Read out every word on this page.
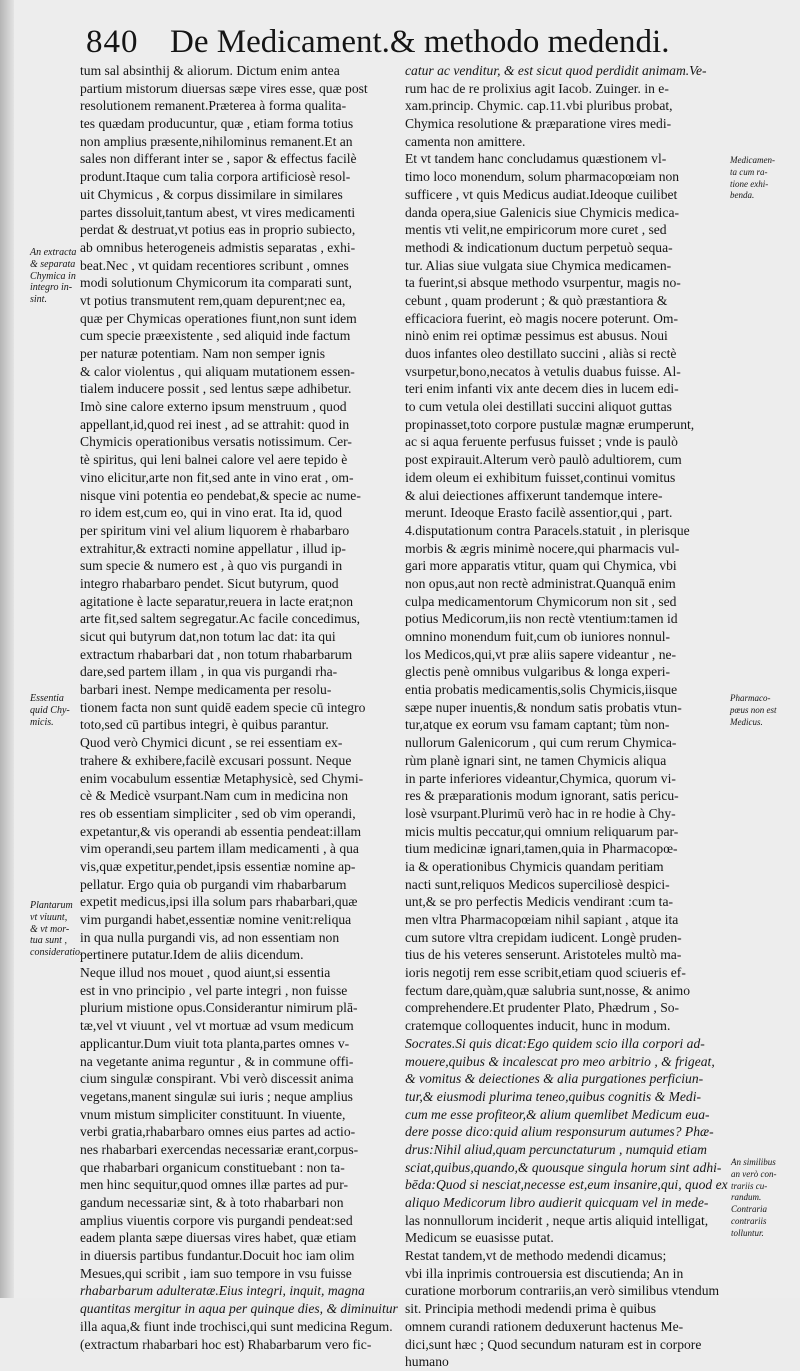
840 De Medicament.& methodo medendi.
tum sal absinthij & aliorum. Dictum enim antea
partium mistorum diuersas sæpe vires esse, quæ post
resolutionem remanent.Præterea à forma qualita-
tes quædam producuntur, quæ , etiam forma totius
non amplius præsente,nihilominus remanent.Et an
sales non differant inter se , sapor & effectus facilè
produnt.Itaque cum talia corpora artificiosè resol-
uit Chymicus , & corpus dissimilare in similares
partes dissoluit,tantum abest, vt vires medicamenti
perdat & destruat,vt potius eas in proprio subiecto,
ab omnibus heterogeneis admistis separatas , exhi-
beat.Nec , vt quidam recentiores scribunt , omnes
modi solutionum Chymicorum ita comparati sunt,
vt potius transmutent rem,quam depurent;nec ea,
quæ per Chymicas operationes fiunt,non sunt idem
cum specie præexistente , sed aliquid inde factum
per naturæ potentiam. Nam non semper ignis
& calor violentus , qui aliquam mutationem essen-
tialem inducere possit , sed lentus sæpe adhibetur.
Imò sine calore externo ipsum menstruum , quod
appellant,id,quod rei inest , ad se attrahit: quod in
Chymicis operationibus versatis notissimum. Cer-
tè spiritus, qui leni balnei calore vel aere tepido è
vino elicitur,arte non fit,sed ante in vino erat , om-
nisque vini potentia eo pendebat,& specie ac nume-
ro idem est,cum eo, qui in vino erat. Ita id, quod
per spiritum vini vel alium liquorem è rhabarbaro
extrahitur,& extracti nomine appellatur , illud ip-
sum specie & numero est , à quo vis purgandi in
integro rhabarbaro pendet. Sicut butyrum, quod
agitatione è lacte separatur,reuera in lacte erat;non
arte fit,sed saltem segregatur.Ac facile concedimus,
sicut qui butyrum dat,non totum lac dat: ita qui
extractum rhabarbari dat , non totum rhabarbarum
dare,sed partem illam , in qua vis purgandi rha-
barbari inest. Nempe medicamenta per resolu-
tionem facta non sunt quidē eadem specie cū integro
toto,sed cū partibus integri, è quibus parantur.
Quod verò Chymici dicunt , se rei essentiam ex-
trahere & exhibere,facilè excusari possunt. Neque
enim vocabulum essentiæ Metaphysicè, sed Chymi-
cè & Medicè vsurpant.Nam cum in medicina non
res ob essentiam simpliciter , sed ob vim operandi,
expetantur,& vis operandi ab essentia pendeat:illam
vim operandi,seu partem illam medicamenti , à qua
vis,quæ expetitur,pendet,ipsis essentiæ nomine ap-
pellatur. Ergo quia ob purgandi vim rhabarbarum
expetit medicus,ipsi illa solum pars rhabarbari,quæ
vim purgandi habet,essentiæ nomine venit:reliqua
in qua nulla purgandi vis, ad non essentiam non
pertinere putatur.Idem de aliis dicendum.
Neque illud nos mouet , quod aiunt,si essentia
est in vno principio , vel parte integri , non fuisse
plurium mistione opus.Considerantur nimirum plā-
tæ,vel vt viuunt , vel vt mortuæ ad vsum medicum
applicantur.Dum viuit tota planta,partes omnes v-
na vegetante anima reguntur , & in commune offi-
cium singulæ conspirant. Vbi verò discessit anima
vegetans,manent singulæ sui iuris ; neque amplius
vnum mistum simpliciter constituunt. In viuente,
verbi gratia,rhabarbaro omnes eius partes ad actio-
nes rhabarbari exercendas necessariæ erant,corpus-
que rhabarbari organicum constituebant : non ta-
men hinc sequitur,quod omnes illæ partes ad pur-
gandum necessariæ sint, & à toto rhabarbari non
amplius viuentis corpore vis purgandi pendeat:sed
eadem planta sæpe diuersas vires habet, quæ etiam
in diuersis partibus fundantur.Docuit hoc iam olim
Mesues,qui scribit , iam suo tempore in vsu fuisse
rhabarbarum adulteratæ.Eius integri, inquit, magna
quantitas mergitur in aqua per quinque dies, & diminuitur
illa aqua,& fiunt inde trochisci,qui sunt medicina Regum.
(extractum rhabarbari hoc est) Rhabarbarum vero fic-
catur ac venditur, & est sicut quod perdidit animam.Ve-
rum hac de re prolixius agit Iacob. Zuinger. in e-
xam.princip. Chymic. cap.11.vbi pluribus probat,
Chymica resolutione & præparatione vires medi-
camenta non amittere.
Et vt tandem hanc concludamus quæstionem vl-
timo loco monendum, solum pharmacopœiam non
sufficere , vt quis Medicus audiat.Ideoque cuilibet
danda opera,siue Galenicis siue Chymicis medica-
mentis vti velit,ne empiricorum more curet , sed
methodi & indicationum ductum perpetuò sequa-
tur. Alias siue vulgata siue Chymica medicamen-
ta fuerint,si absque methodo vsurpentur, magis no-
cebunt , quam proderunt ; & quò præstantiora &
efficaciora fuerint, eò magis nocere poterunt. Om-
ninò enim rei optimæ pessimus est abusus. Noui
duos infantes oleo destillato succini , aliàs si rectè
vsurpetur,bono,necatos à vetulis duabus fuisse. Al-
teri enim infanti vix ante decem dies in lucem edi-
to cum vetula olei destillati succini aliquot guttas
propinasset,toto corpore pustulæ magnæ erumperunt,
ac si aqua feruente perfusus fuisset ; vnde is paulò
post expirauit.Alterum verò paulò adultiorem, cum
idem oleum ei exhibitum fuisset,continui vomitus
& alui deiectiones affixerunt tandemque intere-
merunt. Ideoque Erasto facilè assentior,qui , part.
4.disputationum contra Paracels.statuit , in plerisque
morbis & ægris minimè nocere,qui pharmacis vul-
gari more apparatis vtitur, quam qui Chymica, vbi
non opus,aut non rectè administrat.Quanquā enim
culpa medicamentorum Chymicorum non sit , sed
potius Medicorum,iis non rectè vtentium:tamen id
omnino monendum fuit,cum ob iuniores nonnul-
los Medicos,qui,vt præ aliis sapere videantur , ne-
glectis penè omnibus vulgaribus & longa experi-
entia probatis medicamentis,solis Chymicis,iisque
sæpe nuper inuentis,& nondum satis probatis vtun-
tur,atque ex eorum vsu famam captant; tùm non-
nullorum Galenicorum , qui cum rerum Chymica-
rùm planè ignari sint, ne tamen Chymicis aliqua
in parte inferiores videantur,Chymica, quorum vi-
res & præparationis modum ignorant, satis pericu-
losè vsurpant.Plurimū verò hac in re hodie à Chy-
micis multis peccatur,qui omnium reliquarum par-
tium medicinæ ignari,tamen,quia in Pharmacopœ-
ia & operationibus Chymicis quandam peritiam
nacti sunt,reliquos Medicos superciliosè despici-
unt,& se pro perfectis Medicis vendirant :cum ta-
men vltra Pharmacopœiam nihil sapiant , atque ita
cum sutore vltra crepidam iudicent. Longè pruden-
tius de his veteres senserunt. Aristoteles multò ma-
ioris negotij rem esse scribit,etiam quod sciueris ef-
fectum dare,quàm,quæ salubria sunt,nosse, & animo
comprehendere.Et prudenter Plato, Phædrum , So-
cratemque colloquentes inducit, hunc in modum.
Socrates.Si quis dicat:Ego quidem scio illa corpori ad-
mouere,quibus & incalescat pro meo arbitrio , & frigeat,
& vomitus & deiectiones & alia purgationes perficiun-
tur,& eiusmodi plurima teneo,quibus cognitis & Medi-
cum me esse profiteor,& alium quemlibet Medicum eua-
dere posse dico:quid alium responsurum autumes? Phæ-
drus:Nihil aliud,quam percunctaturum , numquid etiam
sciat,quibus,quando,& quousque singula horum sint adhi-
bēda:Quod si nesciat,necesse est,eum insanire,qui, quod ex
aliquo Medicorum libro audierit quicquam vel in mede-
las nonnullorum inciderit , neque artis aliquid intelligat,
Medicum se euasisse putat.
Restat tandem,vt de methodo medendi dicamus;
vbi illa inprimis controuersia est discutienda; An in
curatione morborum contrariis,an verò similibus vtendum
sit. Principia methodi medendi prima è quibus
omnem curandi rationem deduxerunt hactenus Me-
dici,sunt hæc ; Quod secundum naturam est in corpore
humano
An extracta
& separata
Chymica in
integro in-
sint.
Essentia
quid Chy-
micis.
Plantarum
vt viuunt,
& vt mor-
tua sunt ,
consideratio.
Medicamen-
ta cum ra-
tione exhi-
benda.
Pharmaco-
pœus non est
Medicus.
An similibus
an verò con-
trariis cu-
randum.
Contraria
contrariis
tolluntur.
